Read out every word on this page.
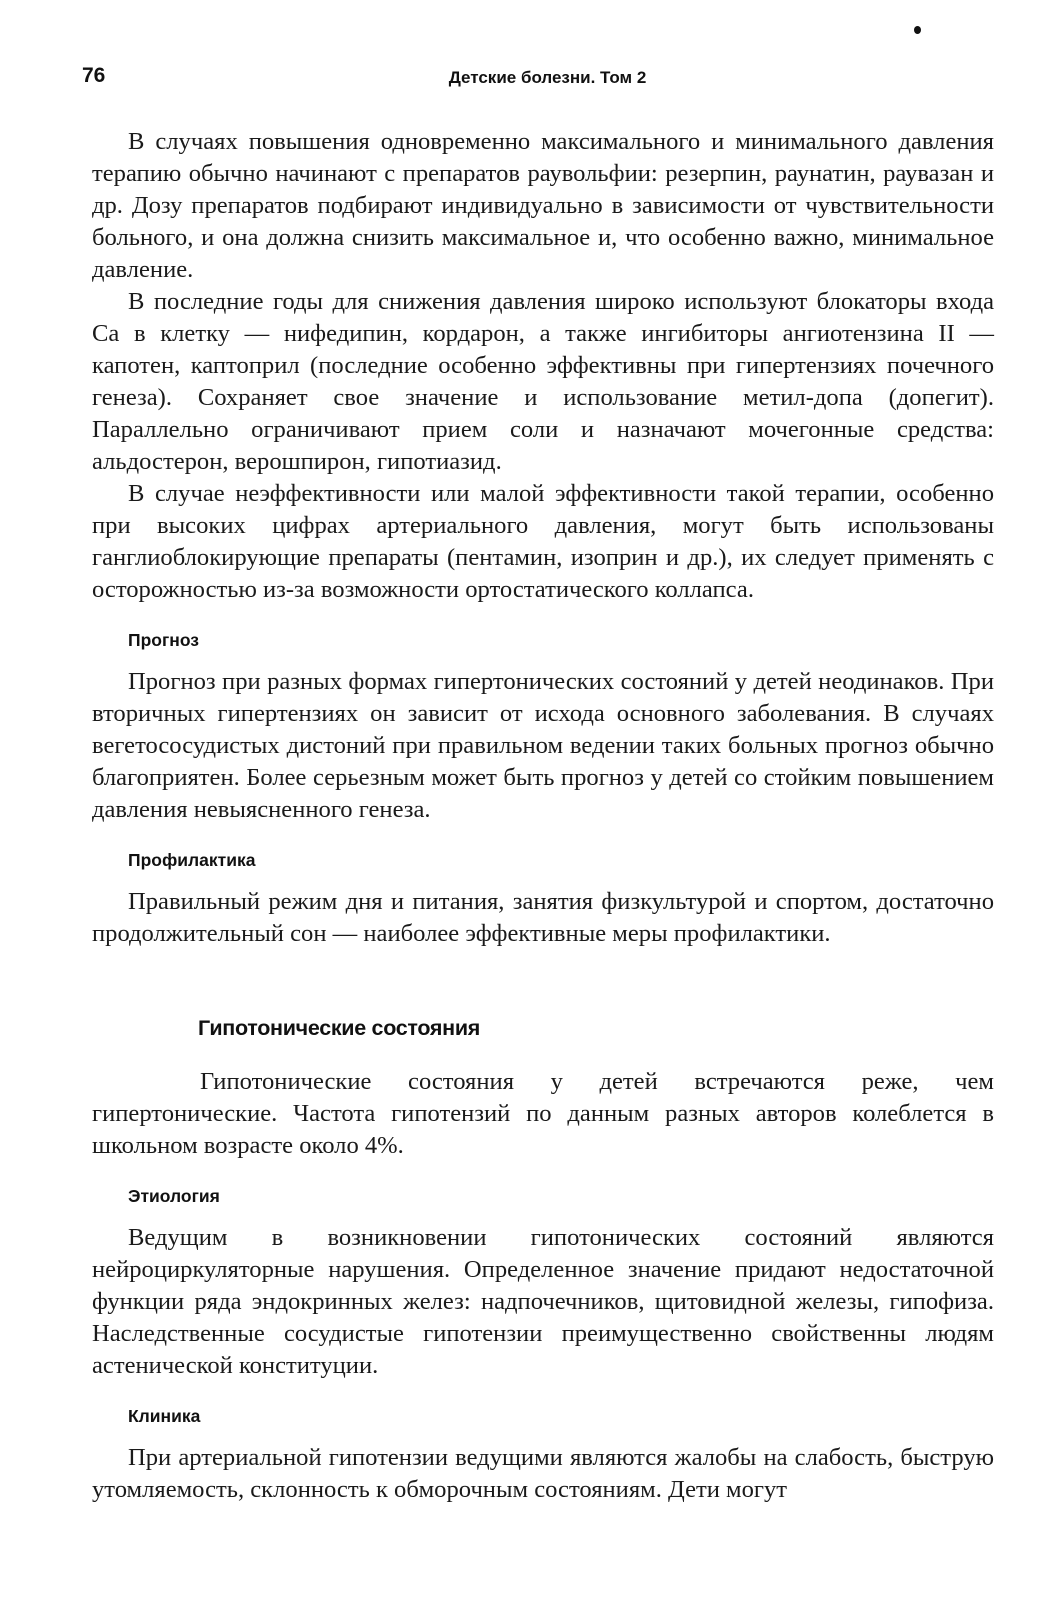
76	Детские болезни. Том 2

В случаях повышения одновременно максимального и минимального давления терапию обычно начинают с препаратов раувольфии: резерпин, раунатин, раувазан и др. Дозу препаратов подбирают индивидуально в зависимости от чувствительности больного, и она должна снизить максимальное и, что особенно важно, минимальное давление.

В последние годы для снижения давления широко используют блокаторы входа Са в клетку — нифедипин, кордарон, а также ингибиторы ангиотензина II — капотен, каптоприл (последние особенно эффективны при гипертензиях почечного генеза). Сохраняет свое значение и использование метил-допа (допегит). Параллельно ограничивают прием соли и назначают мочегонные средства: альдостерон, верошпирон, гипотиазид.

В случае неэффективности или малой эффективности такой терапии, особенно при высоких цифрах артериального давления, могут быть использованы ганглиоблокирующие препараты (пентамин, изоприн и др.), их следует применять с осторожностью из-за возможности ортостатического коллапса.

Прогноз

Прогноз при разных формах гипертонических состояний у детей неодинаков. При вторичных гипертензиях он зависит от исхода основного заболевания. В случаях вегетососудистых дистоний при правильном ведении таких больных прогноз обычно благоприятен. Более серьезным может быть прогноз у детей со стойким повышением давления невыясненного генеза.

Профилактика

Правильный режим дня и питания, занятия физкультурой и спортом, достаточно продолжительный сон — наиболее эффективные меры профилактики.

Гипотонические состояния

Гипотонические состояния у детей встречаются реже, чем гипертонические. Частота гипотензий по данным разных авторов колеблется в школьном возрасте около 4%.

Этиология

Ведущим в возникновении гипотонических состояний являются нейроциркуляторные нарушения. Определенное значение придают недостаточной функции ряда эндокринных желез: надпочечников, щитовидной железы, гипофиза. Наследственные сосудистые гипотензии преимущественно свойственны людям астенической конституции.

Клиника

При артериальной гипотензии ведущими являются жалобы на слабость, быструю утомляемость, склонность к обморочным состояниям. Дети могут
